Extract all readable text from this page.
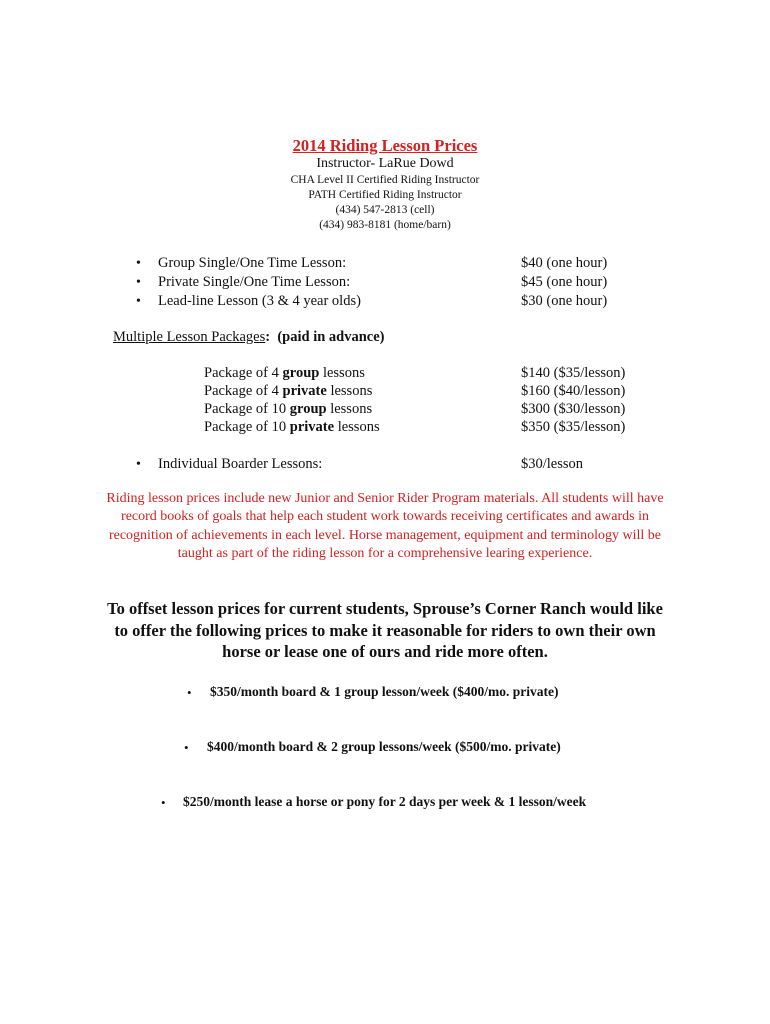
2014 Riding Lesson Prices
Instructor- LaRue Dowd
CHA Level II Certified Riding Instructor
PATH Certified Riding Instructor
(434) 547-2813 (cell)
(434) 983-8181 (home/barn)
• Group Single/One Time Lesson:	$40 (one hour)
• Private Single/One Time Lesson:	$45 (one hour)
• Lead-line Lesson (3 & 4 year olds)	$30 (one hour)
Multiple Lesson Packages: (paid in advance)
Package of 4 group lessons	$140 ($35/lesson)
Package of 4 private lessons	$160 ($40/lesson)
Package of 10 group lessons	$300 ($30/lesson)
Package of 10 private lessons	$350 ($35/lesson)
• Individual Boarder Lessons:	$30/lesson
Riding lesson prices include new Junior and Senior Rider Program materials. All students will have record books of goals that help each student work towards receiving certificates and awards in recognition of achievements in each level. Horse management, equipment and terminology will be taught as part of the riding lesson for a comprehensive learing experience.
To offset lesson prices for current students, Sprouse’s Corner Ranch would like to offer the following prices to make it reasonable for riders to own their own horse or lease one of ours and ride more often.
• $350/month board & 1 group lesson/week ($400/mo. private)
• $400/month board & 2 group lessons/week ($500/mo. private)
• $250/month lease a horse or pony for 2 days per week & 1 lesson/week
